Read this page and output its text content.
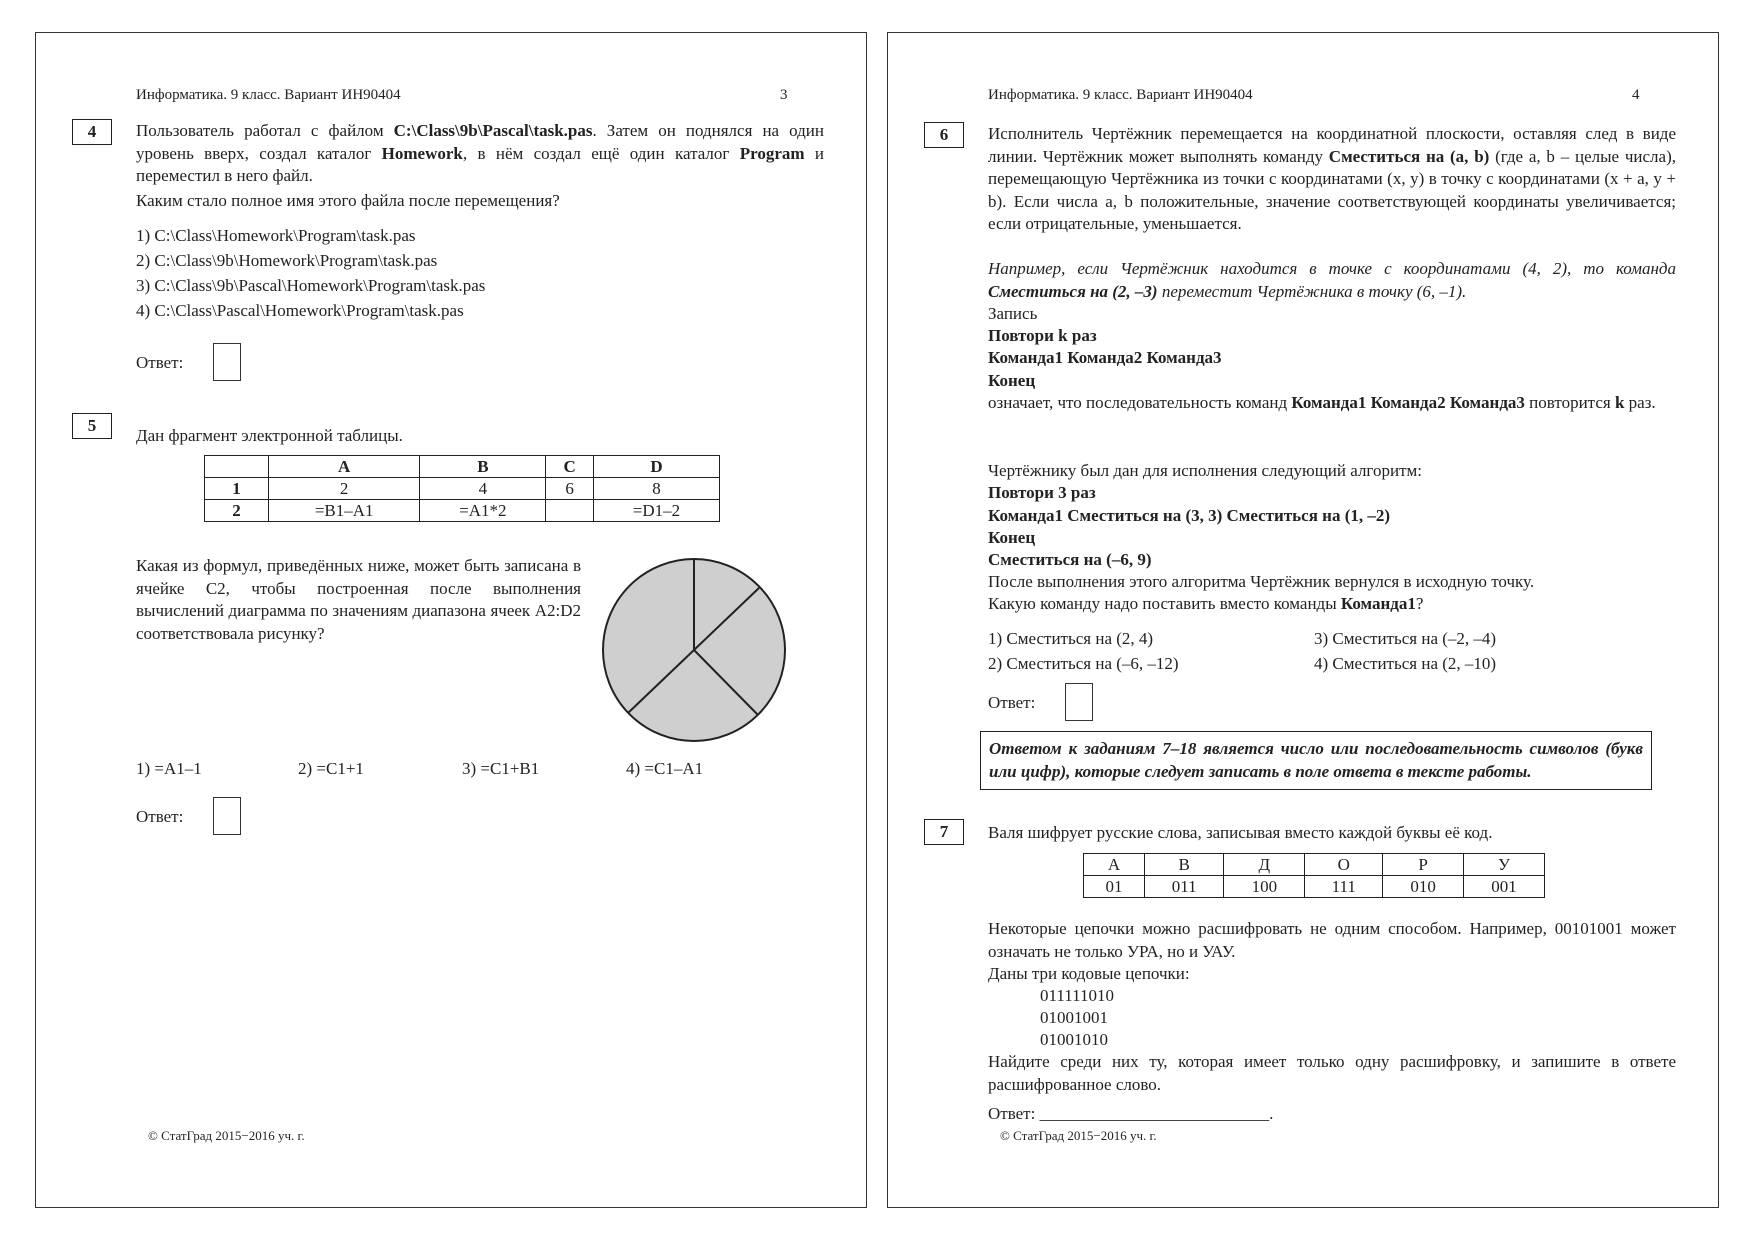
Информатика. 9 класс. Вариант ИН90404	3
4	Пользователь работал с файлом C:\Class\9b\Pascal\task.pas. Затем он поднялся на один уровень вверх, создал каталог Homework, в нём создал ещё один каталог Program и переместил в него файл.
Каким стало полное имя этого файла после перемещения?
1) C:\Class\Homework\Program\task.pas
2) C:\Class\9b\Homework\Program\task.pas
3) C:\Class\9b\Pascal\Homework\Program\task.pas
4) C:\Class\Pascal\Homework\Program\task.pas
Ответ:
5
Дан фрагмент электронной таблицы.
	A	B	C	D
1	2	4	6	8
2	=B1–A1	=A1*2		=D1–2
Какая из формул, приведённых ниже, может быть записана в ячейке C2, чтобы построенная после выполнения вычислений диаграмма по значениям диапазона ячеек A2:D2 соответствовала рисунку?
1) =A1–1	2) =C1+1	3) =C1+B1	4) =C1–A1
Ответ:
© СтатГрад 2015−2016 уч. г.
Информатика. 9 класс. Вариант ИН90404	4
6	Исполнитель Чертёжник перемещается на координатной плоскости, оставляя след в виде линии. Чертёжник может выполнять команду Сместиться на (a, b) (где a, b – целые числа), перемещающую Чертёжника из точки с координатами (x, y) в точку с координатами (x + a, y + b). Если числа a, b положительные, значение соответствующей координаты увеличивается; если отрицательные, уменьшается.
Например, если Чертёжник находится в точке с координатами (4, 2), то команда Сместиться на (2, –3) переместит Чертёжника в точку (6, –1).
Запись
Повтори k раз
Команда1 Команда2 Команда3
Конец
означает, что последовательность команд Команда1 Команда2 Команда3 повторится k раз.
Чертёжнику был дан для исполнения следующий алгоритм:
Повтори 3 раз
Команда1 Сместиться на (3, 3) Сместиться на (1, –2)
Конец
Сместиться на (–6, 9)
После выполнения этого алгоритма Чертёжник вернулся в исходную точку.
Какую команду надо поставить вместо команды Команда1?
1) Сместиться на (2, 4)
2) Сместиться на (–6, –12)
3) Сместиться на (–2, –4)
4) Сместиться на (2, –10)
Ответ:
Ответом к заданиям 7–18 является число или последовательность символов (букв или цифр), которые следует записать в поле ответа в тексте работы.
7	Валя шифрует русские слова, записывая вместо каждой буквы её код.
А	В	Д	О	Р	У
01	011	100	111	010	001
Некоторые цепочки можно расшифровать не одним способом. Например, 00101001 может означать не только УРА, но и УАУ.
Даны три кодовые цепочки:
011111010
01001001
01001010
Найдите среди них ту, которая имеет только одну расшифровку, и запишите в ответе расшифрованное слово.
Ответ: ___________________________.
© СтатГрад 2015−2016 уч. г.
